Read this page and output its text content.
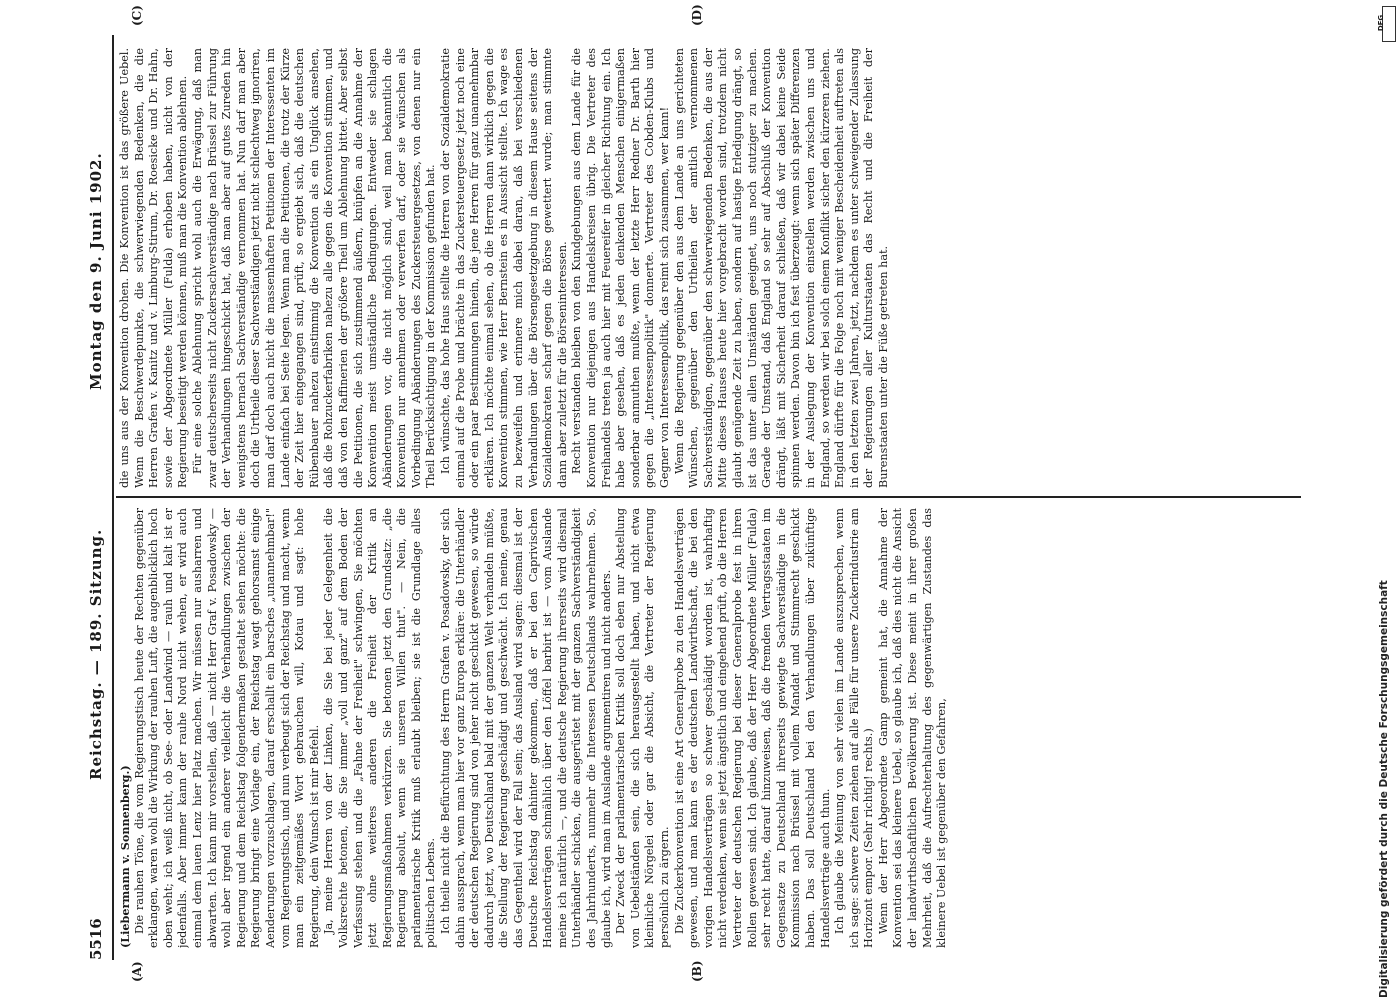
5516
Reichstag. — 189. Sitzung.
Montag den 9. Juni 1902.
(A)	(B)
(C)	(D)

(Liebermann v. Sonnenberg.) Die rauhen Töne, die vom Regierungstisch heute der Rechten gegenüber erklangen, waren wohl die Wirkung der rauhen Luft, die augenblicklich hoch oben weht; ich weiß nicht, ob See- oder Landwind — rauh und kalt ist er jedenfalls. Aber immer kann der rauhe Nord nicht wehen, er wird auch einmal dem lauen Lenz hier Platz machen. Wir müssen nur ausharren und abwarten. Ich kann mir vorstellen, daß — nicht Herr Graf v. Posadowsky — wohl aber irgend ein anderer vielleicht die Verhandlungen zwischen der Regierung und dem Reichstag folgendermaßen gestaltet sehen möchte: die Regierung bringt eine Vorlage ein, der Reichstag wagt gehorsamst einige Aenderungen vorzuschlagen, darauf erschallt ein barsches „unannehmbar!" vom Regierungstisch, und nun verbeugt sich der Reichstag und macht, wenn man ein zeitgemäßes Wort gebrauchen will, Kotau und sagt: hohe Regierung, dein Wunsch ist mir Befehl. Ja, meine Herren von der Linken, die Sie bei jeder Gelegenheit die Volksrechte betonen, die Sie immer „voll und ganz" auf dem Boden der Verfassung stehen und die „Fahne der Freiheit" schwingen, Sie möchten jetzt ohne weiteres anderen die Freiheit der Kritik an Regierungsmaßnahmen verkürzen. Sie betonen jetzt den Grundsatz: „die Regierung absolut, wenn sie unseren Willen thut". — Nein, die parlamentarische Kritik muß erlaubt bleiben; sie ist die Grundlage alles politischen Lebens. Ich theile nicht die Befürchtung des Herrn Grafen v. Posadowsky, der sich dahin aussprach, wenn man hier vor ganz Europa erkläre: die Unterhändler der deutschen Regierung sind von jeher nicht geschickt gewesen, so würde dadurch jetzt, wo Deutschland bald mit der ganzen Welt verhandeln müßte, die Stellung der Regierung geschädigt und geschwächt. Ich meine, genau das Gegentheil wird der Fall sein; das Ausland wird sagen: diesmal ist der Deutsche Reichstag dahinter gekommen, daß er bei den Caprivischen Handelsverträgen schmählich über den Löffel barbirt ist — vom Auslande meine ich natürlich —, und die deutsche Regierung ihrerseits wird diesmal Unterhändler schicken, die ausgerüstet mit der ganzen Sachverständigkeit des Jahrhunderts, nunmehr die Interessen Deutschlands wahrnehmen. So, glaube ich, wird man im Auslande argumentiren und nicht anders. Der Zweck der parlamentarischen Kritik soll doch eben nur Abstellung von Uebelständen sein, die sich herausgestellt haben, und nicht etwa kleinliche Nörgelei oder gar die Absicht, die Vertreter der Regierung persönlich zu ärgern. Die Zuckerkonvention ist eine Art Generalprobe zu den Handelsverträgen gewesen, und man kann es der deutschen Landwirthschaft, die bei den vorigen Handelsverträgen so schwer geschädigt worden ist, wahrhaftig nicht verdenken, wenn sie jetzt ängstlich und eingehend prüft, ob die Herren Vertreter der deutschen Regierung bei dieser Generalprobe fest in ihren Rollen gewesen sind. Ich glaube, daß der Herr Abgeordnete Müller (Fulda) sehr recht hatte, darauf hinzuweisen, daß die fremden Vertragsstaaten im Gegensatze zu Deutschland ihrerseits gewiegte Sachverständige in die Kommission nach Brüssel mit vollem Mandat und Stimmrecht geschickt haben. Das soll Deutschland bei den Verhandlungen über zukünftige Handelsverträge auch thun. Ich glaube die Meinung von sehr vielen im Lande auszusprechen, wenn ich sage: schwere Zeiten ziehen auf alle Fälle für unsere Zuckerindustrie am Horizont empor. (Sehr richtig! rechts.) Wenn der Herr Abgeordnete Gamp gemeint hat, die Annahme der Konvention sei das kleinere Uebel, so glaube ich, daß dies nicht die Ansicht der landwirthschaftlichen Bevölkerung ist. Diese meint in ihrer großen Mehrheit, daß die Aufrechterhaltung des gegenwärtigen Zustandes das kleinere Uebel ist gegenüber den Gefahren,

die uns aus der Konvention drohen. Die Konvention ist das größere Uebel. Wenn die Beschwerdepunkte, die schwerwiegenden Bedenken, die die Herren Grafen v. Kanitz und v. Limburg-Stirum, Dr. Roesicke und Dr. Hahn, sowie der Abgeordnete Müller (Fulda) erhoben haben, nicht von der Regierung beseitigt werden können, muß man die Konvention ablehnen. Für eine solche Ablehnung spricht wohl auch die Erwägung, daß man zwar deutscherseits nicht Zuckersachverständige nach Brüssel zur Führung der Verhandlungen hingeschickt hat, daß man aber auf gutes Zureden hin wenigstens hernach Sachverständige vernommen hat. Nun darf man aber doch die Urtheile dieser Sachverständigen jetzt nicht schlechtweg ignoriren, man darf doch auch nicht die massenhaften Petitionen der Interessenten im Lande einfach bei Seite legen. Wenn man die Petitionen, die trotz der Kürze der Zeit hier eingegangen sind, prüft, so ergiebt sich, daß die deutschen Rübenbauer nahezu einstimmig die Konvention als ein Unglück ansehen, daß die Rohzuckerfabriken nahezu alle gegen die Konvention stimmen, und daß von den Raffinerien der größere Theil um Ablehnung bittet. Aber selbst die Petitionen, die sich zustimmend äußern, knüpfen an die Annahme der Konvention meist umständliche Bedingungen. Entweder sie schlagen Abänderungen vor, die nicht möglich sind, weil man bekanntlich die Konvention nur annehmen oder verwerfen darf, oder sie wünschen als Vorbedingung Abänderungen des Zuckersteuergesetzes, von denen nur ein Theil Berücksichtigung in der Kommission gefunden hat. Ich wünschte, das hohe Haus stellte die Herren von der Sozialdemokratie einmal auf die Probe und brächte in das Zuckersteuergesetz jetzt noch eine oder ein paar Bestimmungen hinein, die jene Herren für ganz unannehmbar erklären. Ich möchte einmal sehen, ob die Herren dann wirklich gegen die Konvention stimmen, wie Herr Bernstein es in Aussicht stellte. Ich wage es zu bezweifeln und erinnere mich dabei daran, daß bei verschiedenen Verhandlungen über die Börsengesetzgebung in diesem Hause seitens der Sozialdemokraten scharf gegen die Börse gewettert wurde; man stimmte dann aber zuletzt für die Börseninteressen. Recht verstanden bleiben von den Kundgebungen aus dem Lande für die Konvention nur diejenigen aus Handelskreisen übrig. Die Vertreter des Freihandels treten ja auch hier mit Feuereifer in gleicher Richtung ein. Ich habe aber gesehen, daß es jeden denkenden Menschen einigermaßen sonderbar anmuthen mußte, wenn der letzte Herr Redner Dr. Barth hier gegen die „Interessenpolitik" donnerte. Vertreter des Cobden-Klubs und Gegner von Interessenpolitik, das reimt sich zusammen, wer kann! Wenn die Regierung gegenüber den aus dem Lande an uns gerichteten Wünschen, gegenüber den Urtheilen der amtlich vernommenen Sachverständigen, gegenüber den schwerwiegenden Bedenken, die aus der Mitte dieses Hauses heute hier vorgebracht worden sind, trotzdem nicht glaubt genügende Zeit zu haben, sondern auf hastige Erledigung drängt, so ist das unter allen Umständen geeignet, uns noch stutziger zu machen. Gerade der Umstand, daß England so sehr auf Abschluß der Konvention drängt, läßt mit Sicherheit darauf schließen, daß wir dabei keine Seide spinnen werden. Davon bin ich fest überzeugt: wenn sich später Differenzen in der Auslegung der Konvention einstellen werden zwischen uns und England, so werden wir bei solch einem Konflikt sicher den kürzeren ziehen. England dürfte für die Folge noch mit weniger Bescheidenheit auftreten als in den letzten zwei Jahren, jetzt, nachdem es unter schweigender Zulassung der Regierungen aller Kulturstaaten das Recht und die Freiheit der Burenstaaten unter die Füße getreten hat.

DFG
Digitalisierung gefördert durch die Deutsche Forschungsgemeinschaft
